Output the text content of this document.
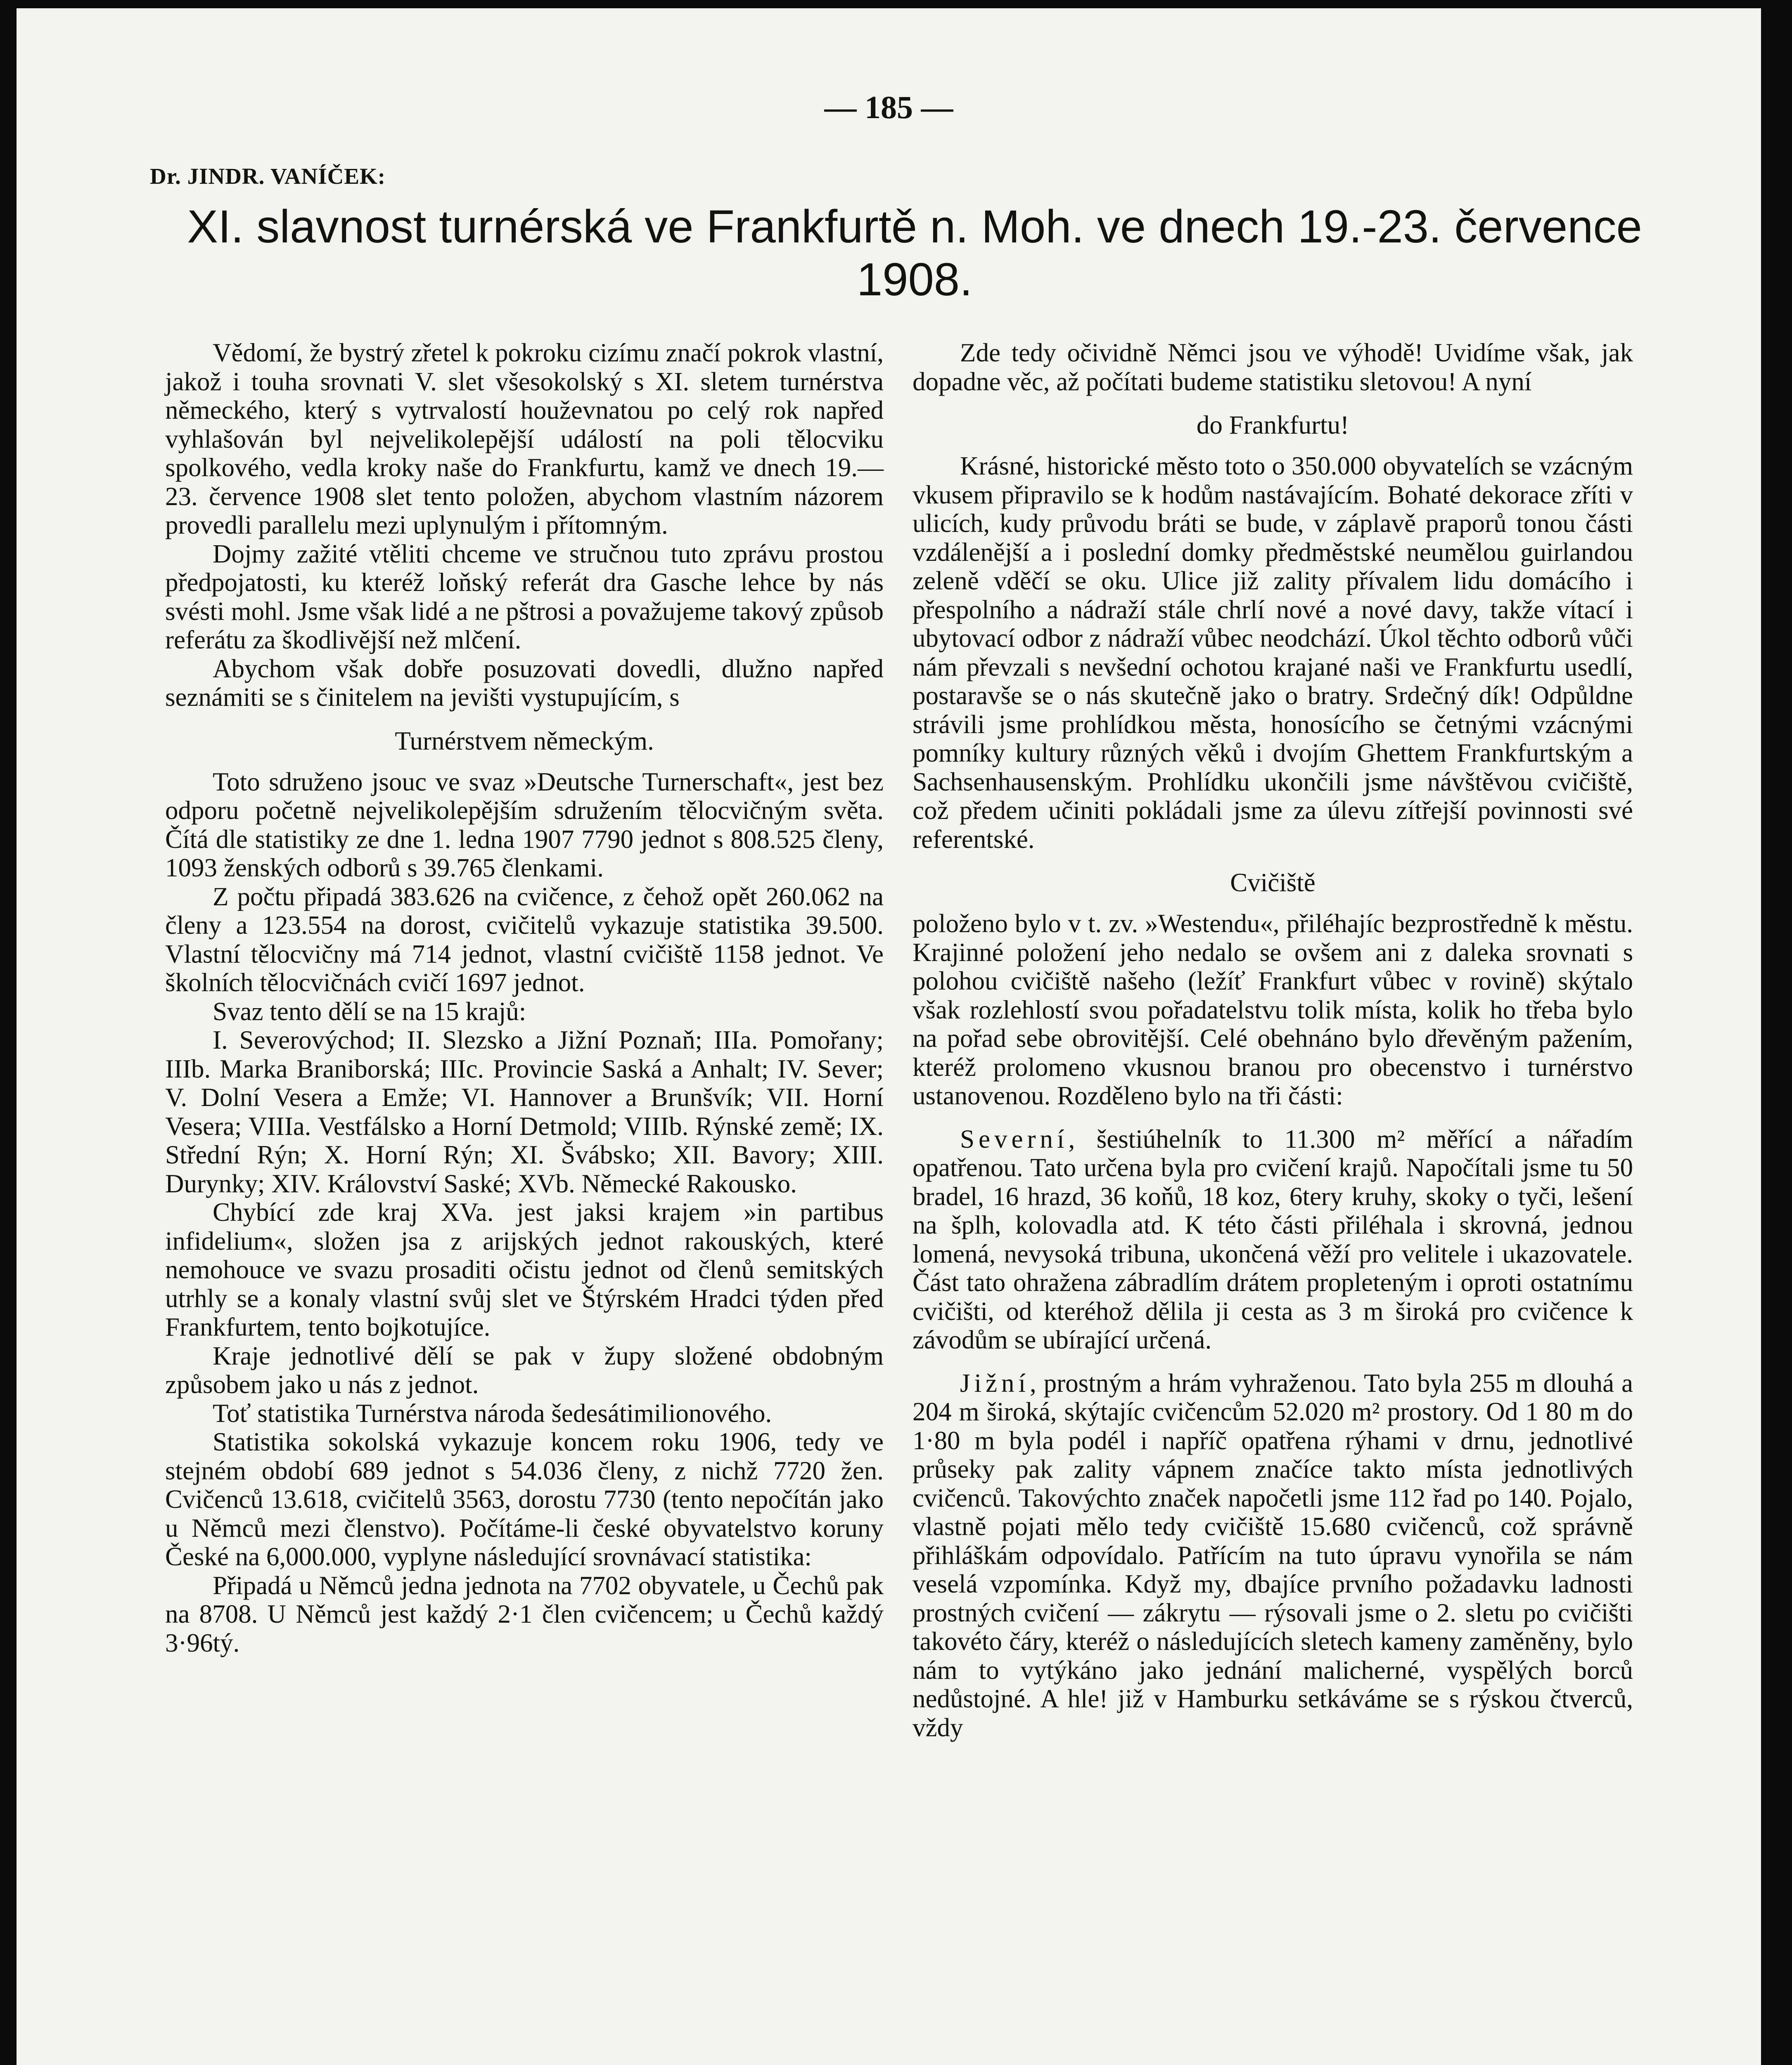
— 185 —
Dr. JINDR. VANÍČEK:
XI. slavnost turnérská ve Frankfurtě n. Moh. ve dnech 19.-23. července 1908.

Vědomí, že bystrý zřetel k pokroku cizímu značí pokrok vlastní, jakož i touha srovnati V. slet všesokolský s XI. sletem turnérstva německého, který s vytrvalostí houževnatou po celý rok napřed vyhlašován byl nejvelikolepější událostí na poli tělocviku spolkového, vedla kroky naše do Frankfurtu, kamž ve dnech 19.—23. července 1908 slet tento položen, abychom vlastním názorem provedli parallelu mezi uplynulým i přítomným.

Dojmy zažité vtěliti chceme ve stručnou tuto zprávu prostou předpojatosti, ku kteréž loňský referát dra Gasche lehce by nás svésti mohl. Jsme však lidé a ne pštrosi a považujeme takový způsob referátu za škodlivější než mlčení.

Abychom však dobře posuzovati dovedli, dlužno napřed seznámiti se s činitelem na jevišti vystupujícím, s

Turnérstvem německým.

Toto sdruženo jsouc ve svaz »Deutsche Turnerschaft«, jest bez odporu početně nejvelikolepějším sdružením tělocvičným světa. Čítá dle statistiky ze dne 1. ledna 1907 7790 jednot s 808.525 členy, 1093 ženských odborů s 39.765 členkami.

Z počtu připadá 383.626 na cvičence, z čehož opět 260.062 na členy a 123.554 na dorost, cvičitelů vykazuje statistika 39.500. Vlastní tělocvičny má 714 jednot, vlastní cvičiště 1158 jednot. Ve školních tělocvičnách cvičí 1697 jednot.

Svaz tento dělí se na 15 krajů:

I. Severovýchod; II. Slezsko a Jižní Poznaň; IIIa. Pomořany; IIIb. Marka Braniborská; IIIc. Provincie Saská a Anhalt; IV. Sever; V. Dolní Vesera a Emže; VI. Hannover a Brunšvík; VII. Horní Vesera; VIIIa. Vestfálsko a Horní Detmold; VIIIb. Rýnské země; IX. Střední Rýn; X. Horní Rýn; XI. Švábsko; XII. Bavory; XIII. Durynky; XIV. Království Saské; XVb. Německé Rakousko.

Chybící zde kraj XVa. jest jaksi krajem »in partibus infidelium«, složen jsa z arijských jednot rakouských, které nemohouce ve svazu prosaditi očistu jednot od členů semitských utrhly se a konaly vlastní svůj slet ve Štýrském Hradci týden před Frankfurtem, tento bojkotujíce.

Kraje jednotlivé dělí se pak v župy složené obdobným způsobem jako u nás z jednot.

Toť statistika Turnérstva národa šedesátimilionového.

Statistika sokolská vykazuje koncem roku 1906, tedy ve stejném období 689 jednot s 54.036 členy, z nichž 7720 žen. Cvičenců 13.618, cvičitelů 3563, dorostu 7730 (tento nepočítán jako u Němců mezi členstvo). Počítáme-li české obyvatelstvo koruny České na 6,000.000, vyplyne následující srovnávací statistika:

Připadá u Němců jedna jednota na 7702 obyvatele, u Čechů pak na 8708. U Němců jest každý 2·1 člen cvičencem; u Čechů každý 3·96tý.

Zde tedy očividně Němci jsou ve výhodě! Uvidíme však, jak dopadne věc, až počítati budeme statistiku sletovou! A nyní

do Frankfurtu!

Krásné, historické město toto o 350.000 obyvatelích se vzácným vkusem připravilo se k hodům nastávajícím. Bohaté dekorace zříti v ulicích, kudy průvodu bráti se bude, v záplavě praporů tonou části vzdálenější a i poslední domky předměstské neumělou guirlandou zeleně vděčí se oku. Ulice již zality přívalem lidu domácího i přespolního a nádraží stále chrlí nové a nové davy, takže vítací i ubytovací odbor z nádraží vůbec neodchází. Úkol těchto odborů vůči nám převzali s nevšední ochotou krajané naši ve Frankfurtu usedlí, postaravše se o nás skutečně jako o bratry. Srdečný dík! Odpůldne strávili jsme prohlídkou města, honosícího se četnými vzácnými pomníky kultury různých věků i dvojím Ghettem Frankfurtským a Sachsenhausenským. Prohlídku ukončili jsme návštěvou cvičiště, což předem učiniti pokládali jsme za úlevu zítřejší povinnosti své referentské.

Cvičiště

položeno bylo v t. zv. »Westendu«, přiléhajíc bezprostředně k městu. Krajinné položení jeho nedalo se ovšem ani z daleka srovnati s polohou cvičiště našeho (ležíť Frankfurt vůbec v rovině) skýtalo však rozlehlostí svou pořadatelstvu tolik místa, kolik ho třeba bylo na pořad sebe obrovitější. Celé obehnáno bylo dřevěným pažením, kteréž prolomeno vkusnou branou pro obecenstvo i turnérstvo ustanovenou. Rozděleno bylo na tři části:

Severní, šestiúhelník to 11.300 m² měřící a nářadím opatřenou. Tato určena byla pro cvičení krajů. Napočítali jsme tu 50 bradel, 16 hrazd, 36 koňů, 18 koz, 6tery kruhy, skoky o tyči, lešení na šplh, kolovadla atd. K této části přiléhala i skrovná, jednou lomená, nevysoká tribuna, ukončená věží pro velitele i ukazovatele. Část tato ohražena zábradlím drátem propleteným i oproti ostatnímu cvičišti, od kteréhož dělila ji cesta as 3 m široká pro cvičence k závodům se ubírající určená.

Jižní, prostným a hrám vyhraženou. Tato byla 255 m dlouhá a 204 m široká, skýtajíc cvičencům 52.020 m² prostory. Od 1 80 m do 1·80 m byla podél i napříč opatřena rýhami v drnu, jednotlivé průseky pak zality vápnem značíce takto místa jednotlivých cvičenců. Takovýchto značek napočetli jsme 112 řad po 140. Pojalo, vlastně pojati mělo tedy cvičiště 15.680 cvičenců, což správně přihláškám odpovídalo. Patřícím na tuto úpravu vynořila se nám veselá vzpomínka. Když my, dbajíce prvního požadavku ladnosti prostných cvičení — zákrytu — rýsovali jsme o 2. sletu po cvičišti takovéto čáry, kteréž o následujících sletech kameny zaměněny, bylo nám to vytýkáno jako jednání malicherné, vyspělých borců nedůstojné. A hle! již v Hamburku setkáváme se s rýskou čtverců, vždy
